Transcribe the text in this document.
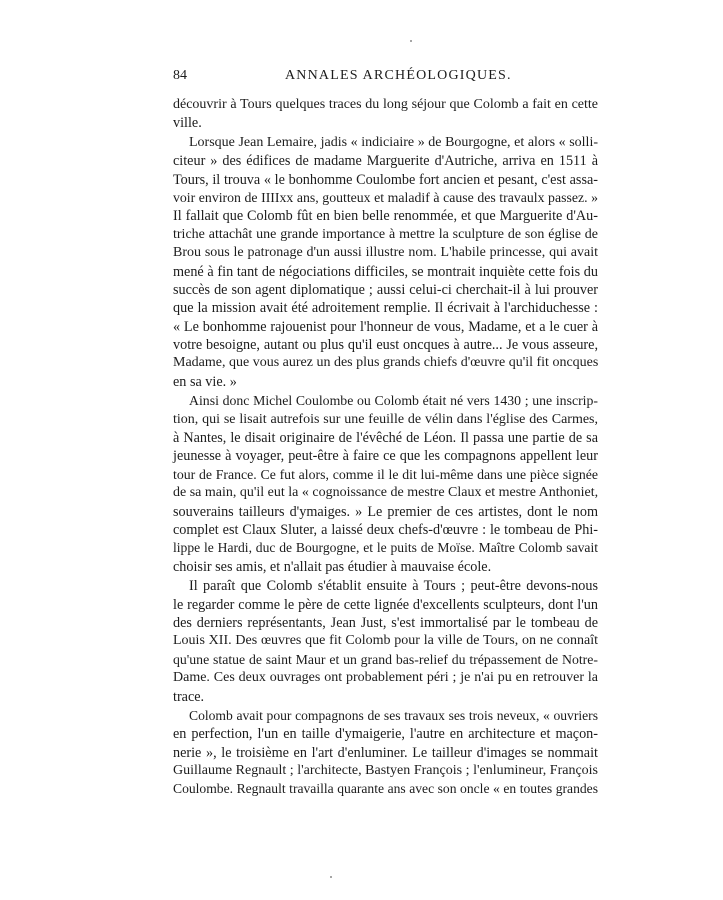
84	ANNALES ARCHÉOLOGIQUES.
découvrir à Tours quelques traces du long séjour que Colomb a fait en cette
ville.
Lorsque Jean Lemaire, jadis « indiciaire » de Bourgogne, et alors « solli-
citeur » des édifices de madame Marguerite d'Autriche, arriva en 1511 à
Tours, il trouva « le bonhomme Coulombe fort ancien et pesant, c'est assa-
voir environ de IIIIxx ans, goutteux et maladif à cause des travaulx passez. »
Il fallait que Colomb fût en bien belle renommée, et que Marguerite d'Au-
triche attachât une grande importance à mettre la sculpture de son église de
Brou sous le patronage d'un aussi illustre nom. L'habile princesse, qui avait
mené à fin tant de négociations difficiles, se montrait inquiète cette fois du
succès de son agent diplomatique ; aussi celui-ci cherchait-il à lui prouver
que la mission avait été adroitement remplie. Il écrivait à l'archiduchesse :
« Le bonhomme rajouenist pour l'honneur de vous, Madame, et a le cuer à
votre besoigne, autant ou plus qu'il eust oncques à autre... Je vous asseure,
Madame, que vous aurez un des plus grands chiefs d'œuvre qu'il fit oncques
en sa vie. »
Ainsi donc Michel Coulombe ou Colomb était né vers 1430 ; une inscrip-
tion, qui se lisait autrefois sur une feuille de vélin dans l'église des Carmes,
à Nantes, le disait originaire de l'évêché de Léon. Il passa une partie de sa
jeunesse à voyager, peut-être à faire ce que les compagnons appellent leur
tour de France. Ce fut alors, comme il le dit lui-même dans une pièce signée
de sa main, qu'il eut la « cognoissance de mestre Claux et mestre Anthoniet,
souverains tailleurs d'ymaiges. » Le premier de ces artistes, dont le nom
complet est Claux Sluter, a laissé deux chefs-d'œuvre : le tombeau de Phi-
lippe le Hardi, duc de Bourgogne, et le puits de Moïse. Maître Colomb savait
choisir ses amis, et n'allait pas étudier à mauvaise école.
Il paraît que Colomb s'établit ensuite à Tours ; peut-être devons-nous
le regarder comme le père de cette lignée d'excellents sculpteurs, dont l'un
des derniers représentants, Jean Just, s'est immortalisé par le tombeau de
Louis XII. Des œuvres que fit Colomb pour la ville de Tours, on ne connaît
qu'une statue de saint Maur et un grand bas-relief du trépassement de Notre-
Dame. Ces deux ouvrages ont probablement péri ; je n'ai pu en retrouver la
trace.
Colomb avait pour compagnons de ses travaux ses trois neveux, « ouvriers
en perfection, l'un en taille d'ymaigerie, l'autre en architecture et maçon-
nerie », le troisième en l'art d'enluminer. Le tailleur d'images se nommait
Guillaume Regnault ; l'architecte, Bastyen François ; l'enlumineur, François
Coulombe. Regnault travailla quarante ans avec son oncle « en toutes grandes
